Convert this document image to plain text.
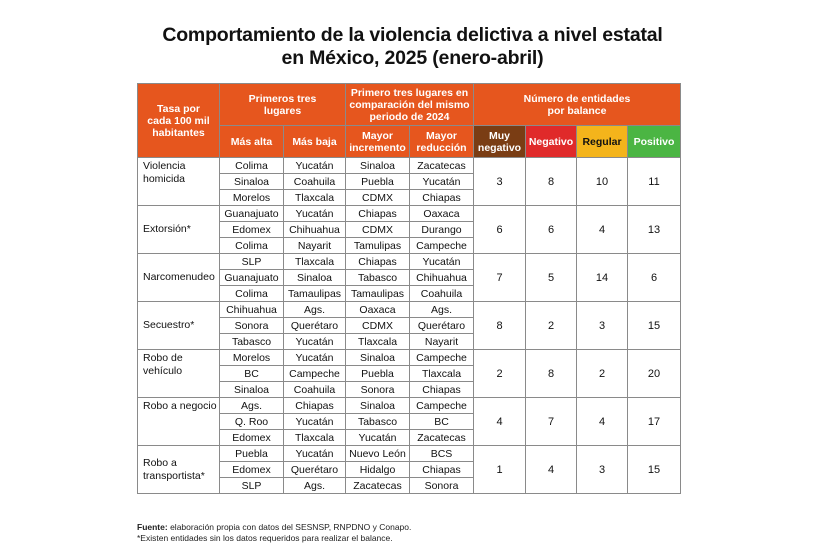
Comportamiento de la violencia delictiva a nivel estatal
en México, 2025 (enero-abril)
Tasa por cada 100 mil habitantes	Primeros tres lugares		Primero tres lugares en comparación del mismo periodo de 2024		Número de entidades por balance			
	Más alta	Más baja	Mayor incremento	Mayor reducción	Muy negativo	Negativo	Regular	Positivo
Violencia homicida	Colima	Yucatán	Sinaloa	Zacatecas	3	8	10	11
	Sinaloa	Coahuila	Puebla	Yucatán				
	Morelos	Tlaxcala	CDMX	Chiapas				
Extorsión*	Guanajuato	Yucatán	Chiapas	Oaxaca	6	6	4	13
	Edomex	Chihuahua	CDMX	Durango				
	Colima	Nayarit	Tamulipas	Campeche				
Narcomenudeo	SLP	Tlaxcala	Chiapas	Yucatán	7	5	14	6
	Guanajuato	Sinaloa	Tabasco	Chihuahua				
	Colima	Tamaulipas	Tamaulipas	Coahuila				
Secuestro*	Chihuahua	Ags.	Oaxaca	Ags.	8	2	3	15
	Sonora	Querétaro	CDMX	Querétaro				
	Tabasco	Yucatán	Tlaxcala	Nayarit				
Robo de vehículo	Morelos	Yucatán	Sinaloa	Campeche	2	8	2	20
	BC	Campeche	Puebla	Tlaxcala				
	Sinaloa	Coahuila	Sonora	Chiapas				
Robo a negocio	Ags.	Chiapas	Sinaloa	Campeche	4	7	4	17
	Q. Roo	Yucatán	Tabasco	BC				
	Edomex	Tlaxcala	Yucatán	Zacatecas				
Robo a transportista*	Puebla	Yucatán	Nuevo León	BCS	1	4	3	15
	Edomex	Querétaro	Hidalgo	Chiapas				
	SLP	Ags.	Zacatecas	Sonora				
Fuente: elaboración propia con datos del SESNSP, RNPDNO y Conapo.
*Existen entidades sin los datos requeridos para realizar el balance.
